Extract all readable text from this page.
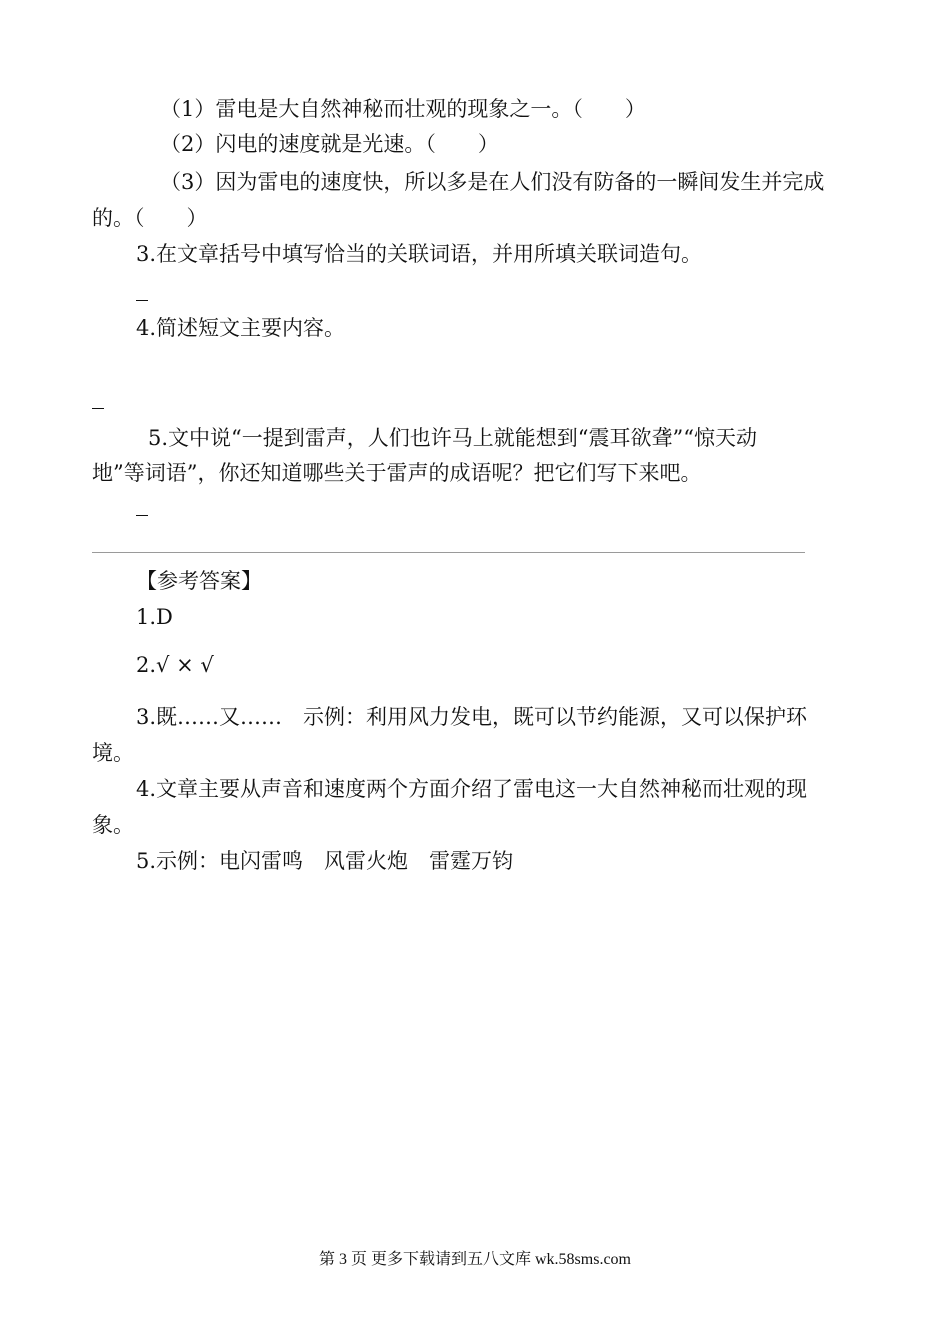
（1）雷电是大自然神秘而壮观的现象之一。（　　）
（2）闪电的速度就是光速。（　　）
（3）因为雷电的速度快，所以多是在人们没有防备的一瞬间发生并完成
的。（　　）
3.在文章括号中填写恰当的关联词语，并用所填关联词造句。
4.简述短文主要内容。
5.文中说“一提到雷声，人们也许马上就能想到“震耳欲聋”“惊天动
地”等词语”，你还知道哪些关于雷声的成语呢？把它们写下来吧。
【参考答案】
1.D
2.√ × √
3.既……又……　示例：利用风力发电，既可以节约能源，又可以保护环
境。
4.文章主要从声音和速度两个方面介绍了雷电这一大自然神秘而壮观的现
象。
5.示例：电闪雷鸣　风雷火炮　雷霆万钧
第 3 页 更多下载请到五八文库 wk.58sms.com
